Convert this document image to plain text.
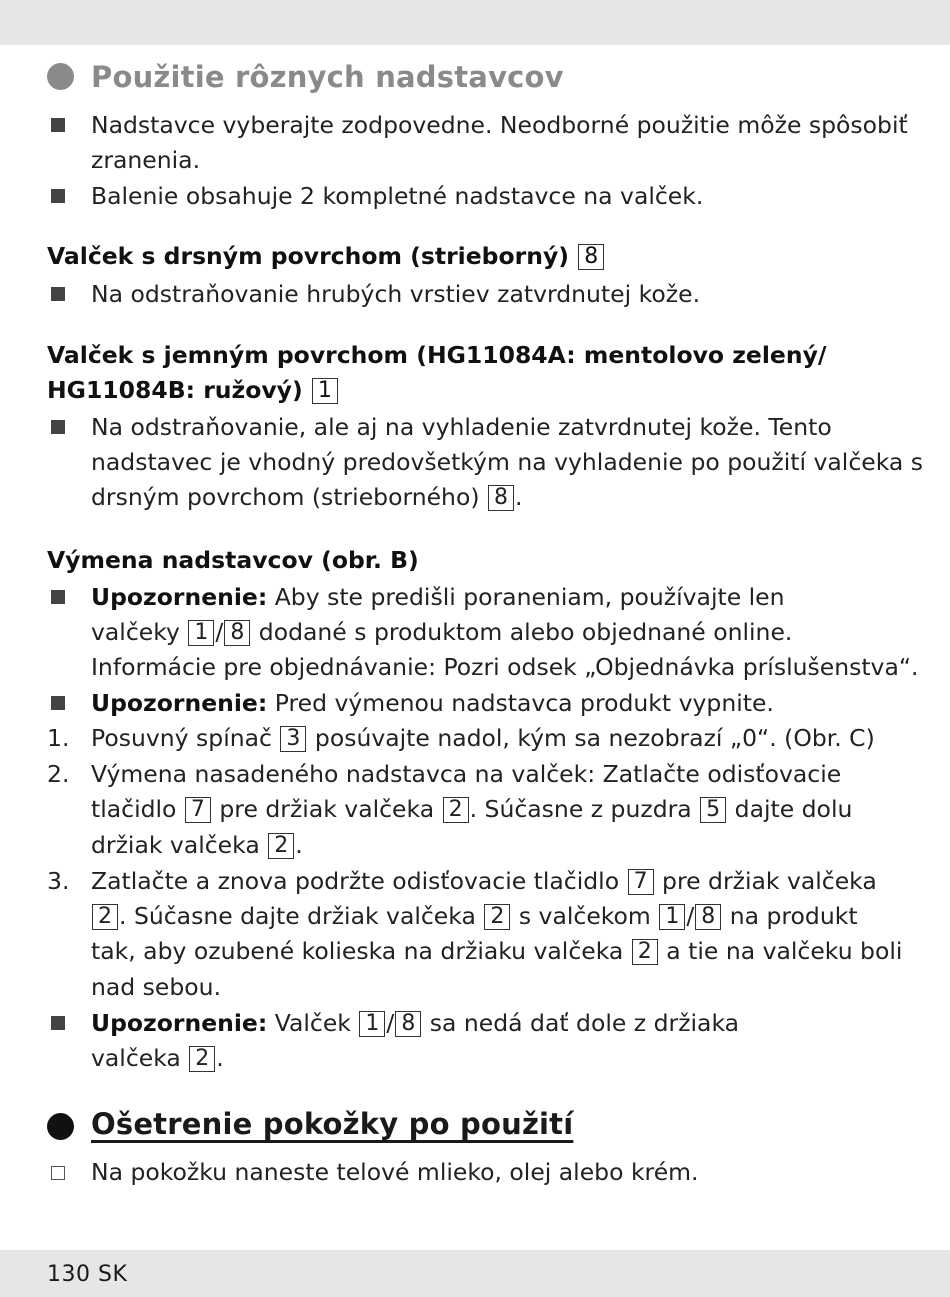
Použitie rôznych nadstavcov
Nadstavce vyberajte zodpovedne. Neodborné použitie môže spôsobiť
zranenia.
Balenie obsahuje 2 kompletné nadstavce na valček.
Valček s drsným povrchom (strieborný) 8
Na odstraňovanie hrubých vrstiev zatvrdnutej kože.
Valček s jemným povrchom (HG11084A: mentolovo zelený/
HG11084B: ružový) 1
Na odstraňovanie, ale aj na vyhladenie zatvrdnutej kože. Tento
nadstavec je vhodný predovšetkým na vyhladenie po použití valčeka s
drsným povrchom (strieborného) 8 .
Výmena nadstavcov (obr. B)
Upozornenie: Aby ste predišli poraneniam, používajte len
valčeky 1 / 8 dodané s produktom alebo objednané online.
Informácie pre objednávanie: Pozri odsek „Objednávka príslušenstva“.
Upozornenie: Pred výmenou nadstavca produkt vypnite.
1. Posuvný spínač 3 posúvajte nadol, kým sa nezobrazí „0“. (Obr. C)
2. Výmena nasadeného nadstavca na valček: Zatlačte odisťovacie
tlačidlo 7 pre držiak valčeka 2 . Súčasne z puzdra 5 dajte dolu
držiak valčeka 2 .
3. Zatlačte a znova podržte odisťovacie tlačidlo 7 pre držiak valčeka
2 . Súčasne dajte držiak valčeka 2 s valčekom 1 / 8 na produkt
tak, aby ozubené kolieska na držiaku valčeka 2 a tie na valčeku boli
nad sebou.
Upozornenie: Valček 1 / 8 sa nedá dať dole z držiaka
valčeka 2 .
Ošetrenie pokožky po použití
Na pokožku naneste telové mlieko, olej alebo krém.
130 SK
